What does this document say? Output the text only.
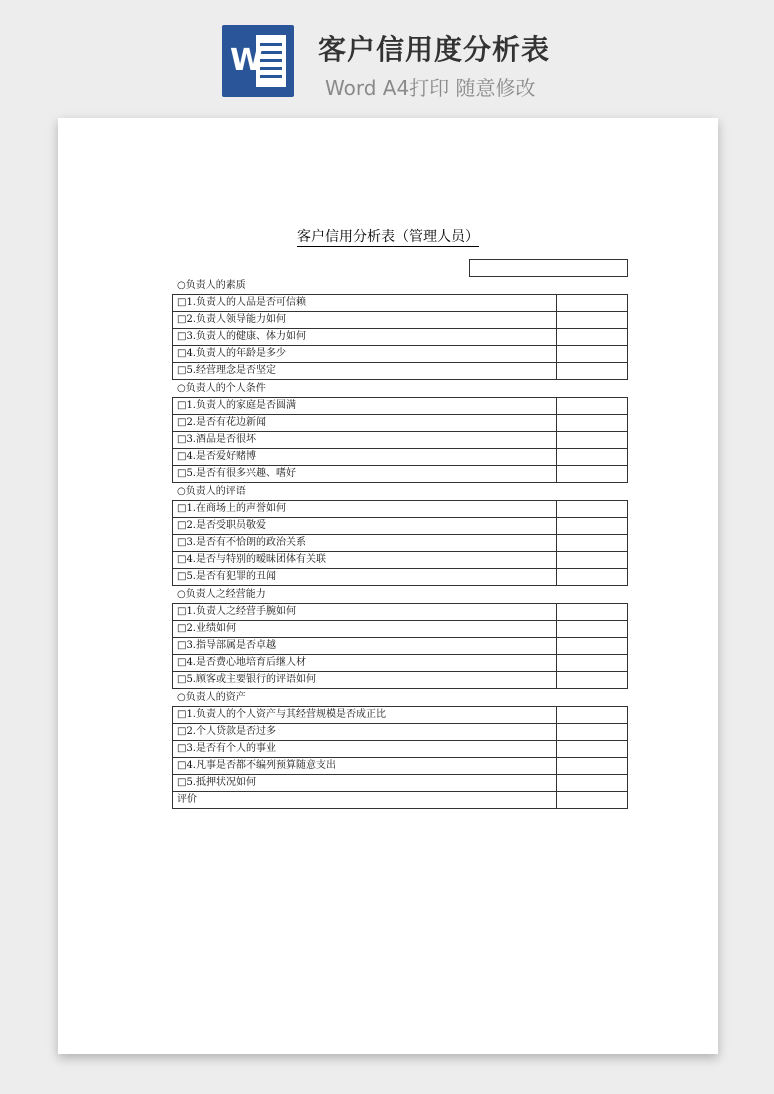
W 客户信用度分析表
Word A4打印 随意修改

客户信用分析表（管理人员）
○负责人的素质
□1.负责人的人品是否可信赖	
□2.负责人领导能力如何	
□3.负责人的健康、体力如何	
□4.负责人的年龄是多少	
□5.经营理念是否坚定	
○负责人的个人条件
□1.负责人的家庭是否圆满	
□2.是否有花边新闻	
□3.酒品是否很坏	
□4.是否爱好赌博	
□5.是否有很多兴趣、嗜好	
○负责人的评语
□1.在商场上的声誉如何	
□2.是否受职员敬爱	
□3.是否有不恰朗的政治关系	
□4.是否与特别的暧昧团体有关联	
□5.是否有犯罪的丑闻	
○负责人之经营能力
□1.负责人之经营手腕如何	
□2.业绩如何	
□3.指导部属是否卓越	
□4.是否费心地培育后继人材	
□5.顾客或主要银行的评语如何	
○负责人的资产
□1.负责人的个人资产与其经营规模是否成正比	
□2.个人贷款是否过多	
□3.是否有个人的事业	
□4.凡事是否都不编列预算随意支出	
□5.抵押状况如何	
评价	
